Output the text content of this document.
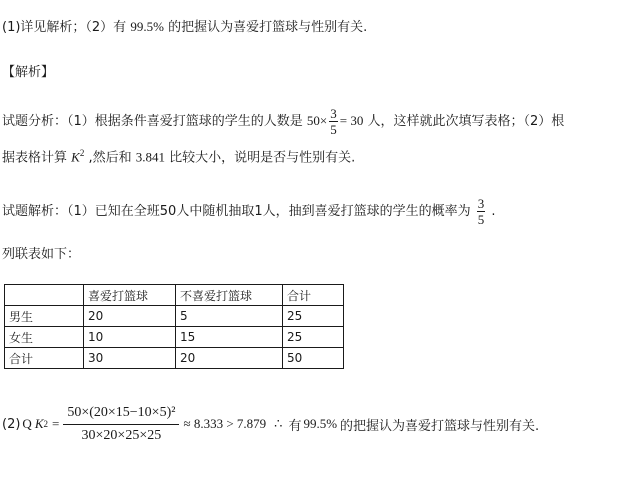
(1)详见解析；（2）有 99.5% 的把握认为喜爱打篮球与性别有关.
【解析】
试题分析：（1）根据条件喜爱打篮球的学生的人数是 $50\times \frac{3}{5} = 30$ 人，这样就此次填写表格；（2）根
据表格计算 $K^2$ ,然后和 3.841 比较大小，说明是否与性别有关.
试题解析：（1）已知在全班50人中随机抽取1人，抽到喜爱打篮球的学生的概率为 $\frac{3}{5}$ .
列联表如下：
	喜爱打篮球	不喜爱打篮球	合计	
男生	20	5	25	
女生	10	15	25	
合计	30	20	50	
(2) Q K $2 = \frac{\text{50×(20×15−10×5)²}}{30\times 20\times 25\times 25} \approx 8.333 > 7.879$ ∴ 有 99.5% 的把握认为喜爱打篮球与性别有关.
